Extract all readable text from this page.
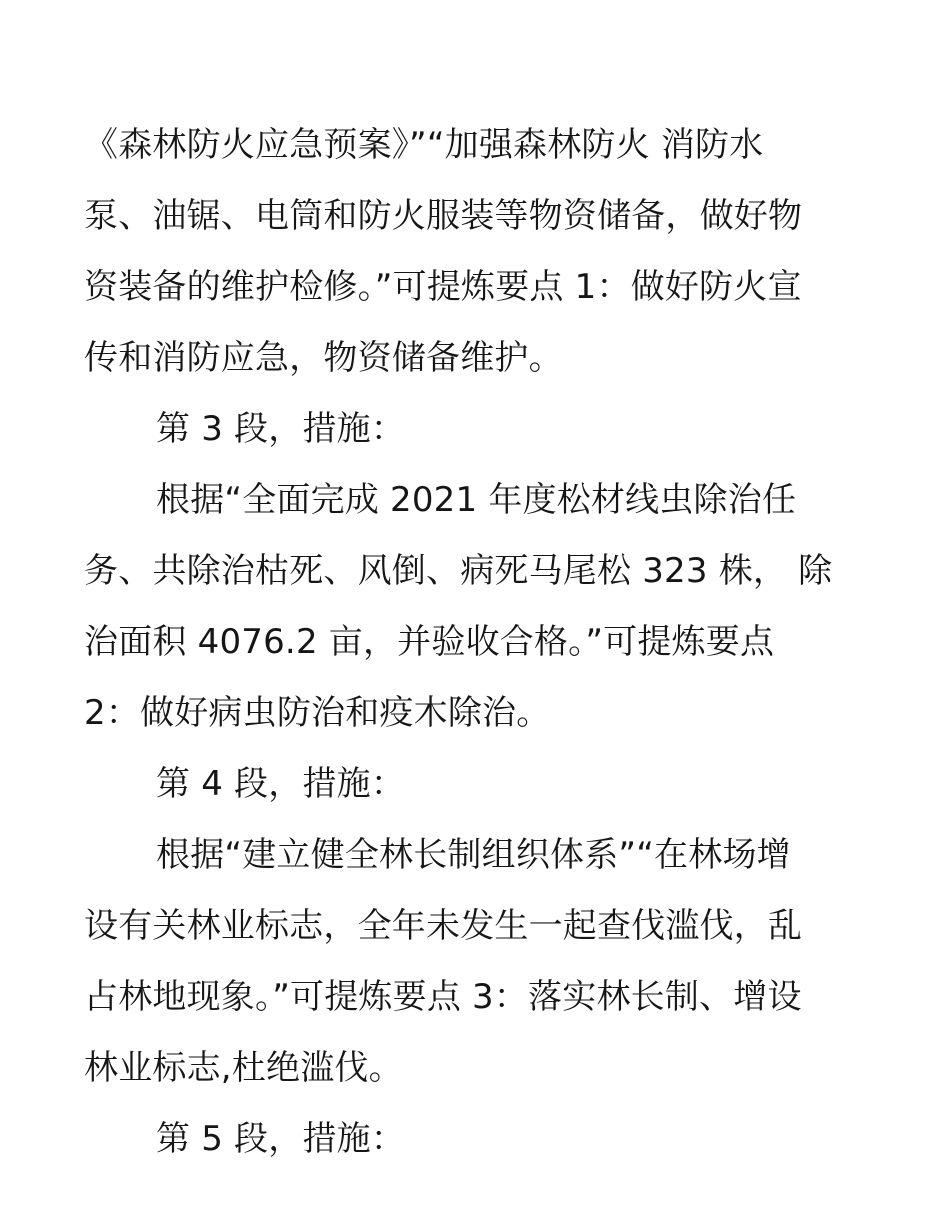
《森林防火应急预案》”“加强森林防火 消防水
泵、油锯、电筒和防火服装等物资储备，做好物
资装备的维护检修。”可提炼要点 1：做好防火宣
传和消防应急，物资储备维护。
第 3 段，措施：
根据“全面完成 2021 年度松材线虫除治任
务、共除治枯死、风倒、病死马尾松 323 株， 除
治面积 4076.2 亩，并验收合格。”可提炼要点
2：做好病虫防治和疫木除治。
第 4 段，措施：
根据“建立健全林长制组织体系”“在林场增
设有关林业标志，全年未发生一起查伐滥伐，乱
占林地现象。”可提炼要点 3：落实林长制、增设
林业标志,杜绝滥伐。
第 5 段，措施：
